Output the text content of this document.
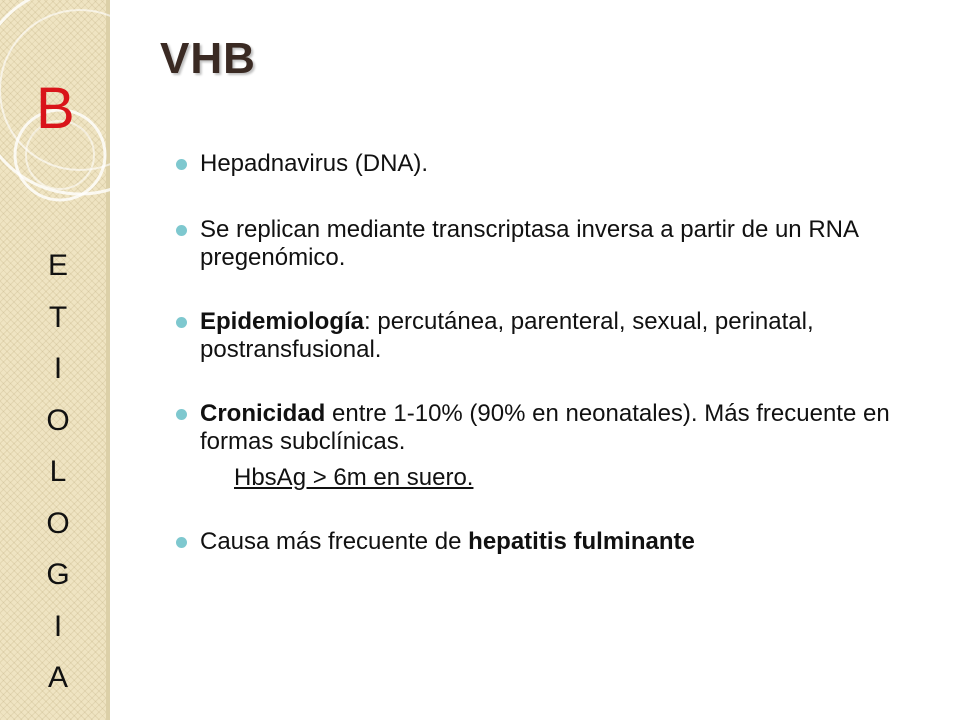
B
E
T
I
O
L
O
G
I
A
VHB
Hepadnavirus (DNA).
Se replican mediante transcriptasa inversa a partir de un RNA pregenómico.
Epidemiología: percutánea, parenteral, sexual, perinatal, postransfusional.
Cronicidad entre 1-10% (90% en neonatales). Más frecuente en formas subclínicas.
HbsAg > 6m en suero.
Causa más frecuente de hepatitis fulminante
